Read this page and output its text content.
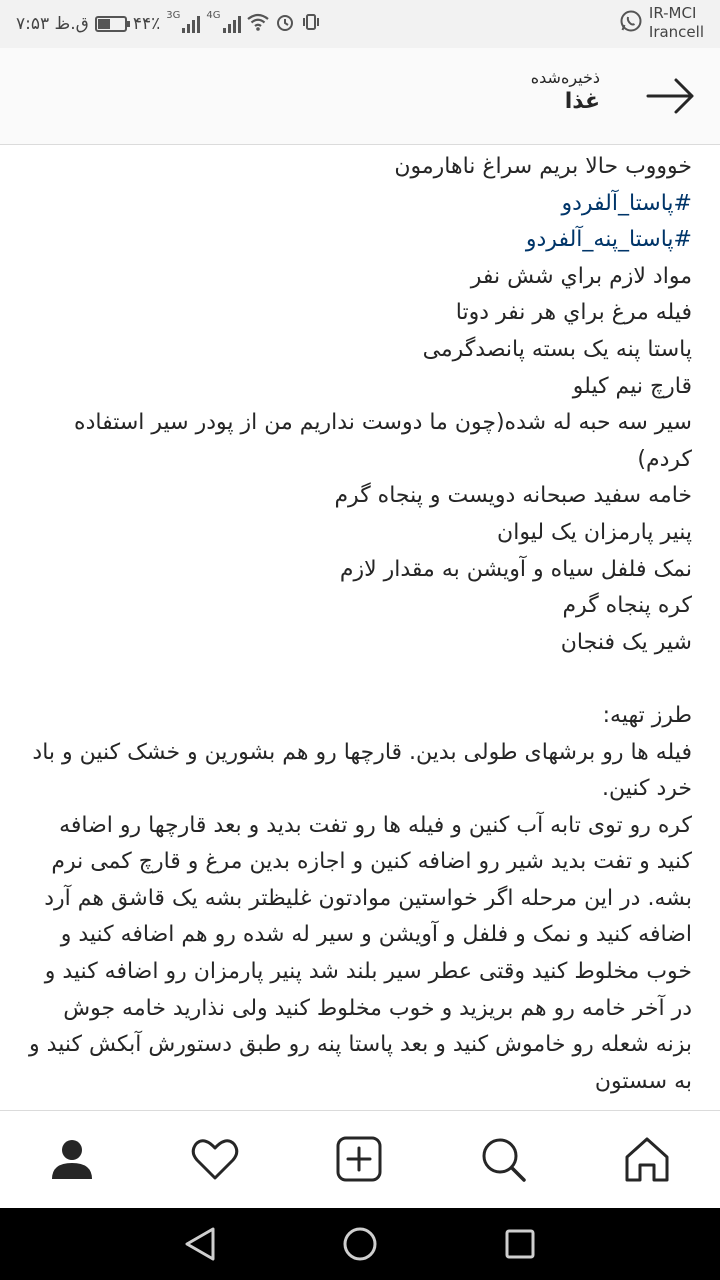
۷:۵۳ ق.ظ	۴۴٪ 3G	4G	IR-MCI
Irancell
ذخیره‌شده
غذا
خوووب حالا بريم سراغ ناهارمون
#پاستا_آلفردو
#پاستا_پنه_آلفردو
مواد لازم براي شش نفر
فيله مرغ براي هر نفر دوتا
پاستا پنه یک بسته پانصدگرمی
قارچ نیم کیلو
سیر سه حبه له شده(چون ما دوست نداریم من از پودر سیر استفاده کردم)
خامه سفید صبحانه دویست و پنجاه گرم
پنیر پارمزان یک لیوان
نمک فلفل سیاه و آویشن به مقدار لازم
کره پنجاه گرم
شیر یک فنجان
طرز تهیه:
فیله ها رو برشهای طولی بدین. قارچها رو هم بشورین و خشک کنین و باد خرد کنین.
کره رو توی تابه آب کنین و فیله ها رو تفت بدید و بعد قارچها رو اضافه کنید و تفت بدید شیر رو اضافه کنین و اجازه بدین مرغ و قارچ کمی نرم بشه. در این مرحله اگر خواستین موادتون غلیظتر بشه یک قاشق هم آرد اضافه کنید و نمک و فلفل و آویشن و سیر له شده رو هم اضافه کنید و خوب مخلوط کنید وقتی عطر سیر بلند شد پنیر پارمزان رو اضافه کنید و در آخر خامه رو هم بریزید و خوب مخلوط کنید ولی نذارید خامه جوش بزنه شعله رو خاموش کنید و بعد پاستا پنه رو طبق دستورش آبکش کنید و به سستون
